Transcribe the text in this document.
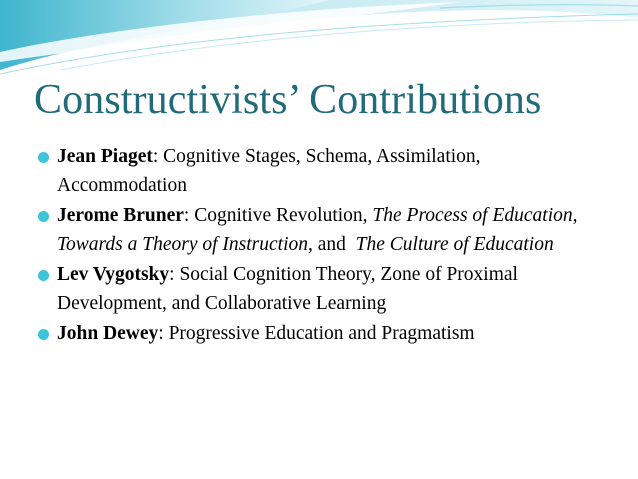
Constructivists’ Contributions
Jean Piaget: Cognitive Stages, Schema, Assimilation, Accommodation
Jerome Bruner: Cognitive Revolution, The Process of Education, Towards a Theory of Instruction, and  The Culture of Education
Lev Vygotsky: Social Cognition Theory, Zone of Proximal Development, and Collaborative Learning
John Dewey: Progressive Education and Pragmatism
